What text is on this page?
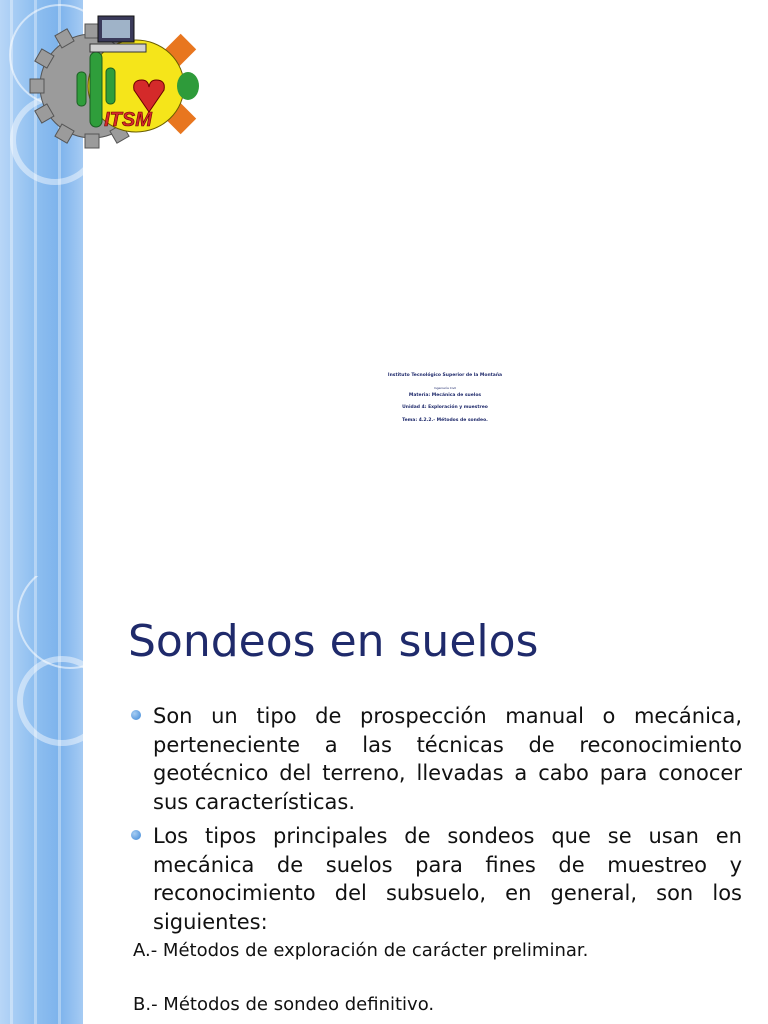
ITSM
Instituto Tecnológico Superior de la Montaña
Ingeniería Civil
Materia: Mecánica de suelos
Unidad 4: Exploración y muestreo
Tema: 4.2.2.- Métodos de sondeo.
Sondeos en suelos
Son un tipo de prospección manual o mecánica, perteneciente a las técnicas de reconocimiento geotécnico del terreno, llevadas a cabo para conocer sus características.
Los tipos principales de sondeos que se usan en mecánica de suelos para fines de muestreo y reconocimiento del subsuelo, en general, son los siguientes:
A.- Métodos de exploración de carácter preliminar.
B.- Métodos de sondeo definitivo.
